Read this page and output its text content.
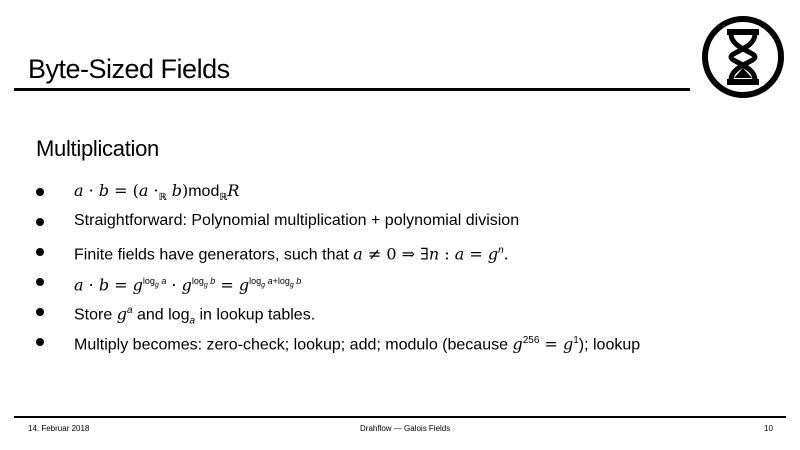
Byte-Sized Fields
Multiplication
$a \cdot b = (a \cdot_ℝ$ b)mod$_ℝ$R
Straightforward: Polynomial multiplication + polynomial division
Finite fields have generators, such that a ≠ 0 ⇒ ∃n : $a = g^n$.
$a \cdot b = g^{log_g a} \cdot g^{log_g b} = g^{log_g a+log_g b}$
Store $g^a$ and $\log_a$ in lookup tables.
Multiply becomes: zero-check; lookup; add; modulo (because $g^{256} = g^1$); lookup
14. Februar 2018	Drahflow — Galois Fields	10
